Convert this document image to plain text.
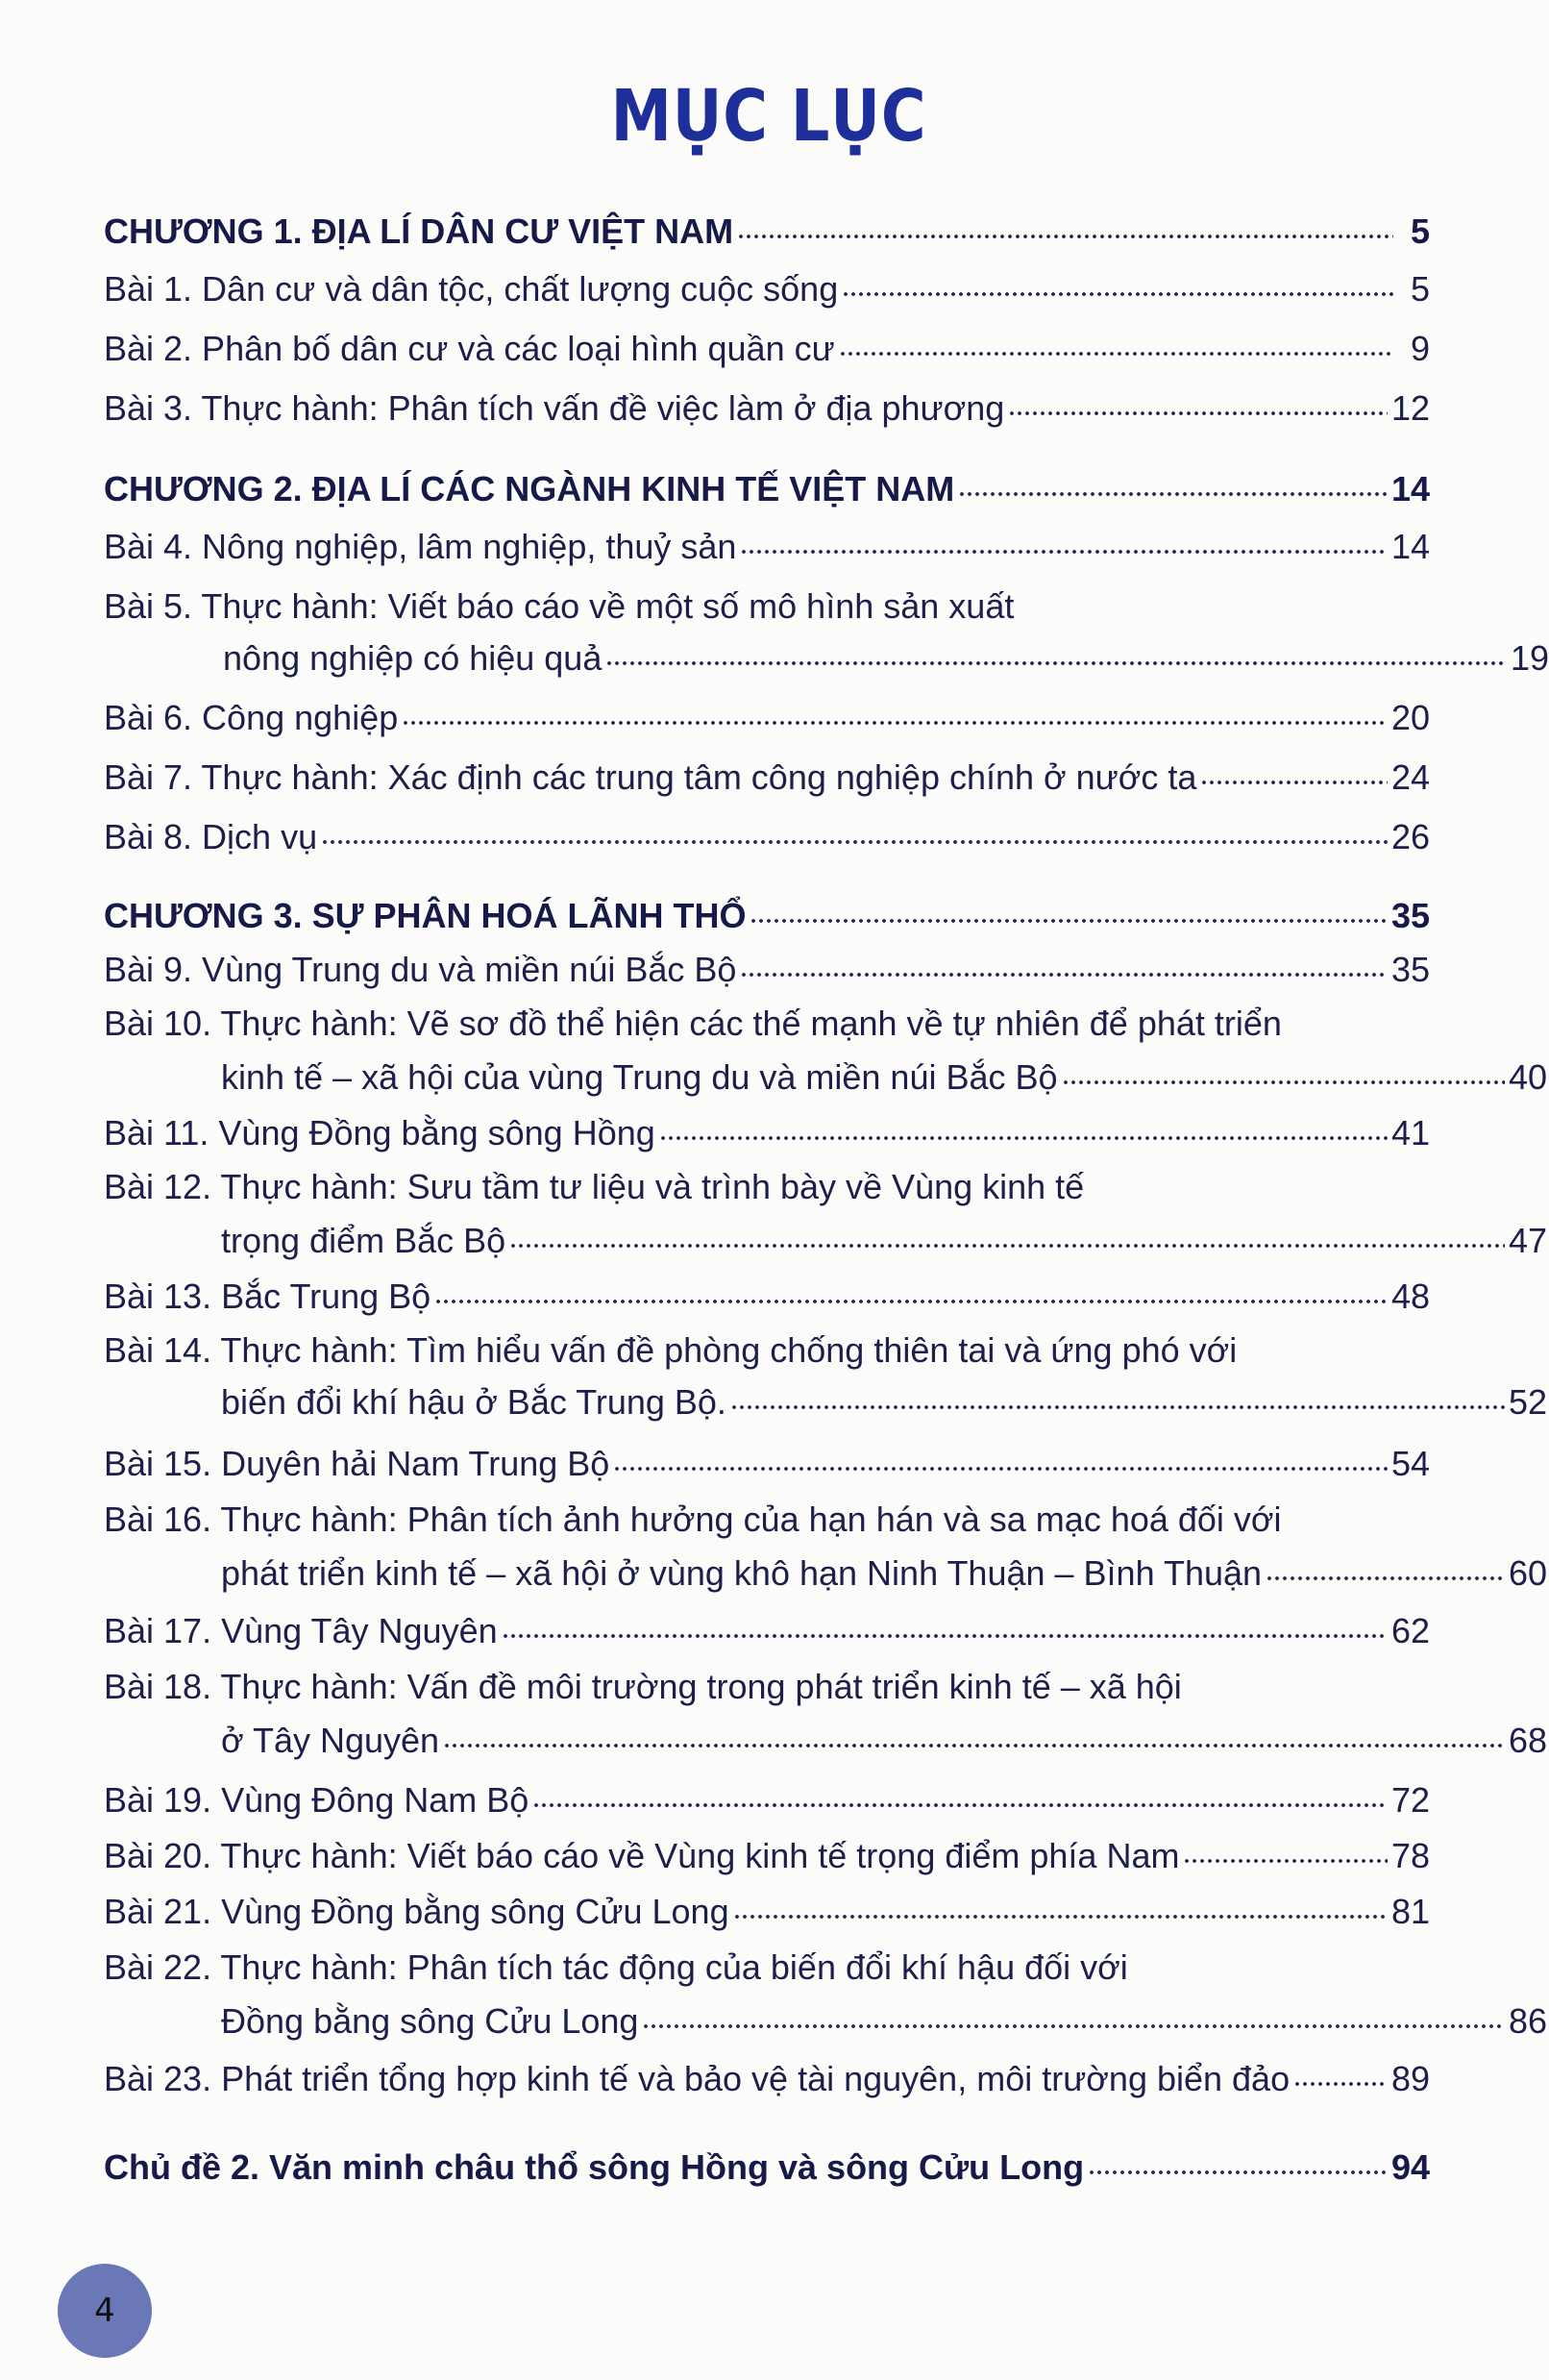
MỤC LỤC
CHƯƠNG 1. ĐỊA LÍ DÂN CƯ VIỆT NAM	5
Bài 1. Dân cư và dân tộc, chất lượng cuộc sống	5
Bài 2. Phân bố dân cư và các loại hình quần cư	9
Bài 3. Thực hành: Phân tích vấn đề việc làm ở địa phương	12
CHƯƠNG 2. ĐỊA LÍ CÁC NGÀNH KINH TẾ VIỆT NAM	14
Bài 4. Nông nghiệp, lâm nghiệp, thuỷ sản	14
Bài 5. Thực hành: Viết báo cáo về một số mô hình sản xuất
nông nghiệp có hiệu quả	19
Bài 6. Công nghiệp	20
Bài 7. Thực hành: Xác định các trung tâm công nghiệp chính ở nước ta	24
Bài 8. Dịch vụ	26
CHƯƠNG 3. SỰ PHÂN HOÁ LÃNH THỔ	35
Bài 9. Vùng Trung du và miền núi Bắc Bộ	35
Bài 10. Thực hành: Vẽ sơ đồ thể hiện các thế mạnh về tự nhiên để phát triển
kinh tế – xã hội của vùng Trung du và miền núi Bắc Bộ	40
Bài 11. Vùng Đồng bằng sông Hồng	41
Bài 12. Thực hành: Sưu tầm tư liệu và trình bày về Vùng kinh tế
trọng điểm Bắc Bộ	47
Bài 13. Bắc Trung Bộ	48
Bài 14. Thực hành: Tìm hiểu vấn đề phòng chống thiên tai và ứng phó với
biến đổi khí hậu ở Bắc Trung Bộ.	52
Bài 15. Duyên hải Nam Trung Bộ	54
Bài 16. Thực hành: Phân tích ảnh hưởng của hạn hán và sa mạc hoá đối với
phát triển kinh tế – xã hội ở vùng khô hạn Ninh Thuận – Bình Thuận	60
Bài 17. Vùng Tây Nguyên	62
Bài 18. Thực hành: Vấn đề môi trường trong phát triển kinh tế – xã hội
ở Tây Nguyên	68
Bài 19. Vùng Đông Nam Bộ	72
Bài 20. Thực hành: Viết báo cáo về Vùng kinh tế trọng điểm phía Nam	78
Bài 21. Vùng Đồng bằng sông Cửu Long	81
Bài 22. Thực hành: Phân tích tác động của biến đổi khí hậu đối với
Đồng bằng sông Cửu Long	86
Bài 23. Phát triển tổng hợp kinh tế và bảo vệ tài nguyên, môi trường biển đảo	89
Chủ đề 2. Văn minh châu thổ sông Hồng và sông Cửu Long	94
4
